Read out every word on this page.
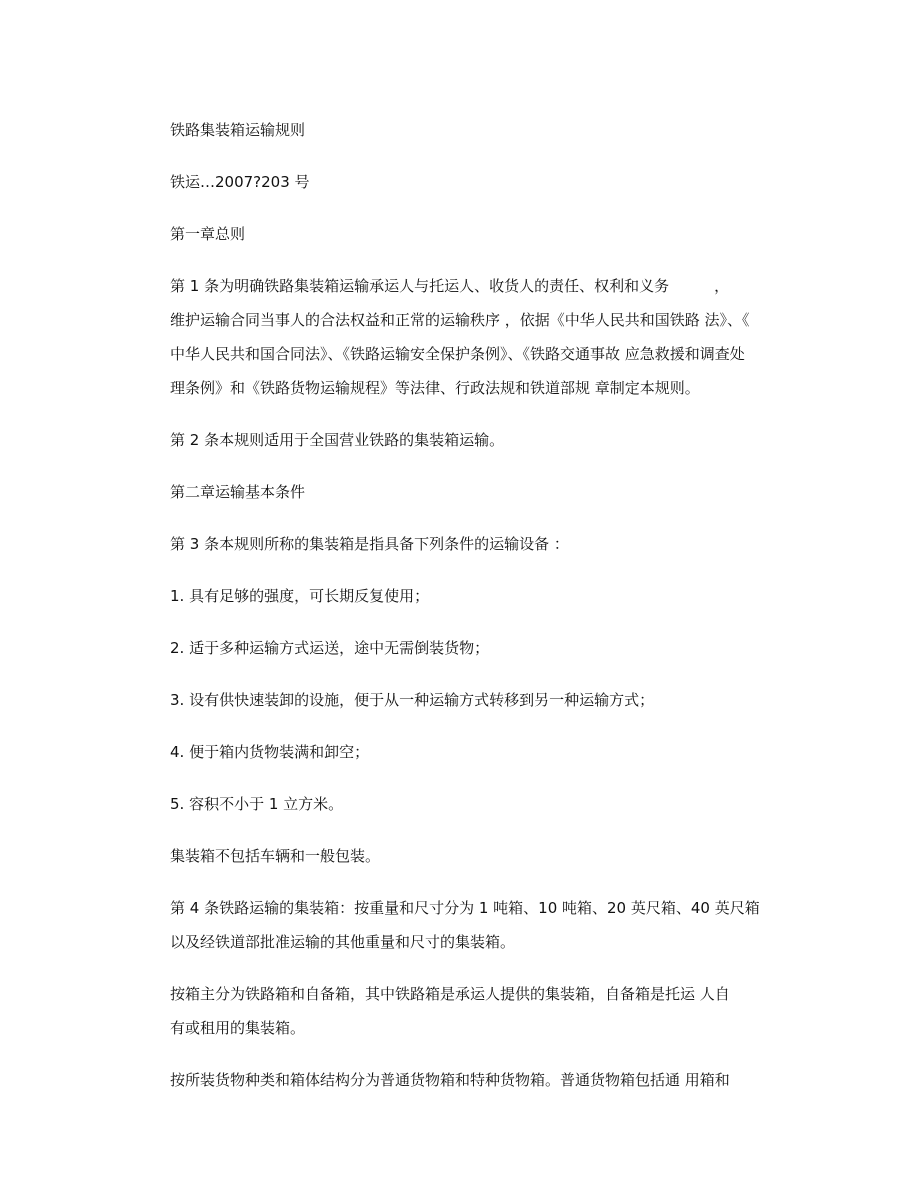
铁路集装箱运输规则

铁运…2007?203 号

第一章总则

第 1 条为明确铁路集装箱运输承运人与托运人、收货人的责任、权利和义务　　　，

维护运输合同当事人的合法权益和正常的运输秩序 ，依据《中华人民共和国铁路 法》、《

中华人民共和国合同法》、《铁路运输安全保护条例》、《铁路交通事故 应急救援和调查处

理条例》和《铁路货物运输规程》等法律、行政法规和铁道部规 章制定本规则。

第 2 条本规则适用于全国营业铁路的集装箱运输。

第二章运输基本条件

第 3 条本规则所称的集装箱是指具备下列条件的运输设备 ：

1. 具有足够的强度，可长期反复使用；

2. 适于多种运输方式运送，途中无需倒装货物；

3. 设有供快速装卸的设施，便于从一种运输方式转移到另一种运输方式；

4. 便于箱内货物装满和卸空；

5. 容积不小于 1 立方米。

集装箱不包括车辆和一般包装。

第 4 条铁路运输的集装箱：按重量和尺寸分为 1 吨箱、10 吨箱、20 英尺箱、40 英尺箱

以及经铁道部批准运输的其他重量和尺寸的集装箱。

按箱主分为铁路箱和自备箱，其中铁路箱是承运人提供的集装箱，自备箱是托运 人自

有或租用的集装箱。

按所装货物种类和箱体结构分为普通货物箱和特种货物箱。普通货物箱包括通 用箱和
